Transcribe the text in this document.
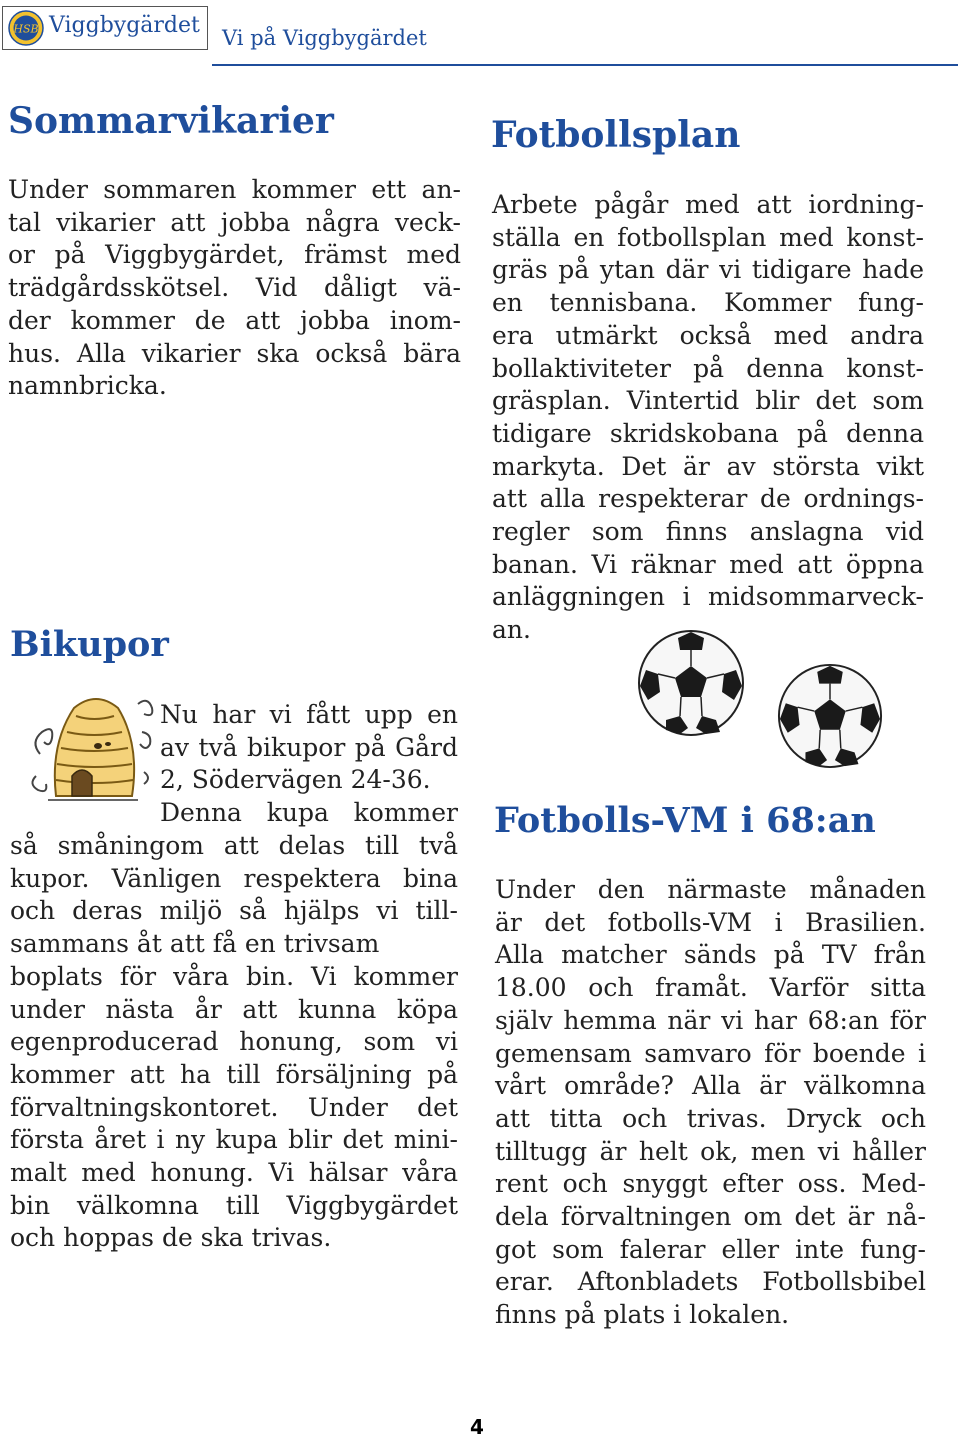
HSB Viggbygärdet Vi på Viggbygärdet
Sommarvikarier
Under sommaren kommer ett an-
tal vikarier att jobba några veck-
or på Viggbygärdet, främst med
trädgårdsskötsel. Vid dåligt vä-
der kommer de att jobba inom-
hus. Alla vikarier ska också bära
namnbricka.
Bikupor
Nu har vi fått upp en
av två bikupor på Gård
2, Södervägen 24-36.
Denna kupa kommer
så småningom att delas till två
kupor. Vänligen respektera bina
och deras miljö så hjälps vi till-
sammans åt att få en trivsam
boplats för våra bin. Vi kommer
under nästa år att kunna köpa
egenproducerad honung, som vi
kommer att ha till försäljning på
förvaltningskontoret. Under det
första året i ny kupa blir det mini-
malt med honung. Vi hälsar våra
bin välkomna till Viggbygärdet
och hoppas de ska trivas.
Fotbollsplan
Arbete pågår med att iordning-
ställa en fotbollsplan med konst-
gräs på ytan där vi tidigare hade
en tennisbana. Kommer fung-
era utmärkt också med andra
bollaktiviteter på denna konst-
gräsplan. Vintertid blir det som
tidigare skridskobana på denna
markyta. Det är av största vikt
att alla respekterar de ordnings-
regler som finns anslagna vid
banan. Vi räknar med att öppna
anläggningen i midsommarveck-
an.
Fotbolls-VM i 68:an
Under den närmaste månaden
är det fotbolls-VM i Brasilien.
Alla matcher sänds på TV från
18.00 och framåt. Varför sitta
själv hemma när vi har 68:an för
gemensam samvaro för boende i
vårt område? Alla är välkomna
att titta och trivas. Dryck och
tilltugg är helt ok, men vi håller
rent och snyggt efter oss. Med-
dela förvaltningen om det är nå-
got som falerar eller inte fung-
erar. Aftonbladets Fotbollsbibel
finns på plats i lokalen.
4
